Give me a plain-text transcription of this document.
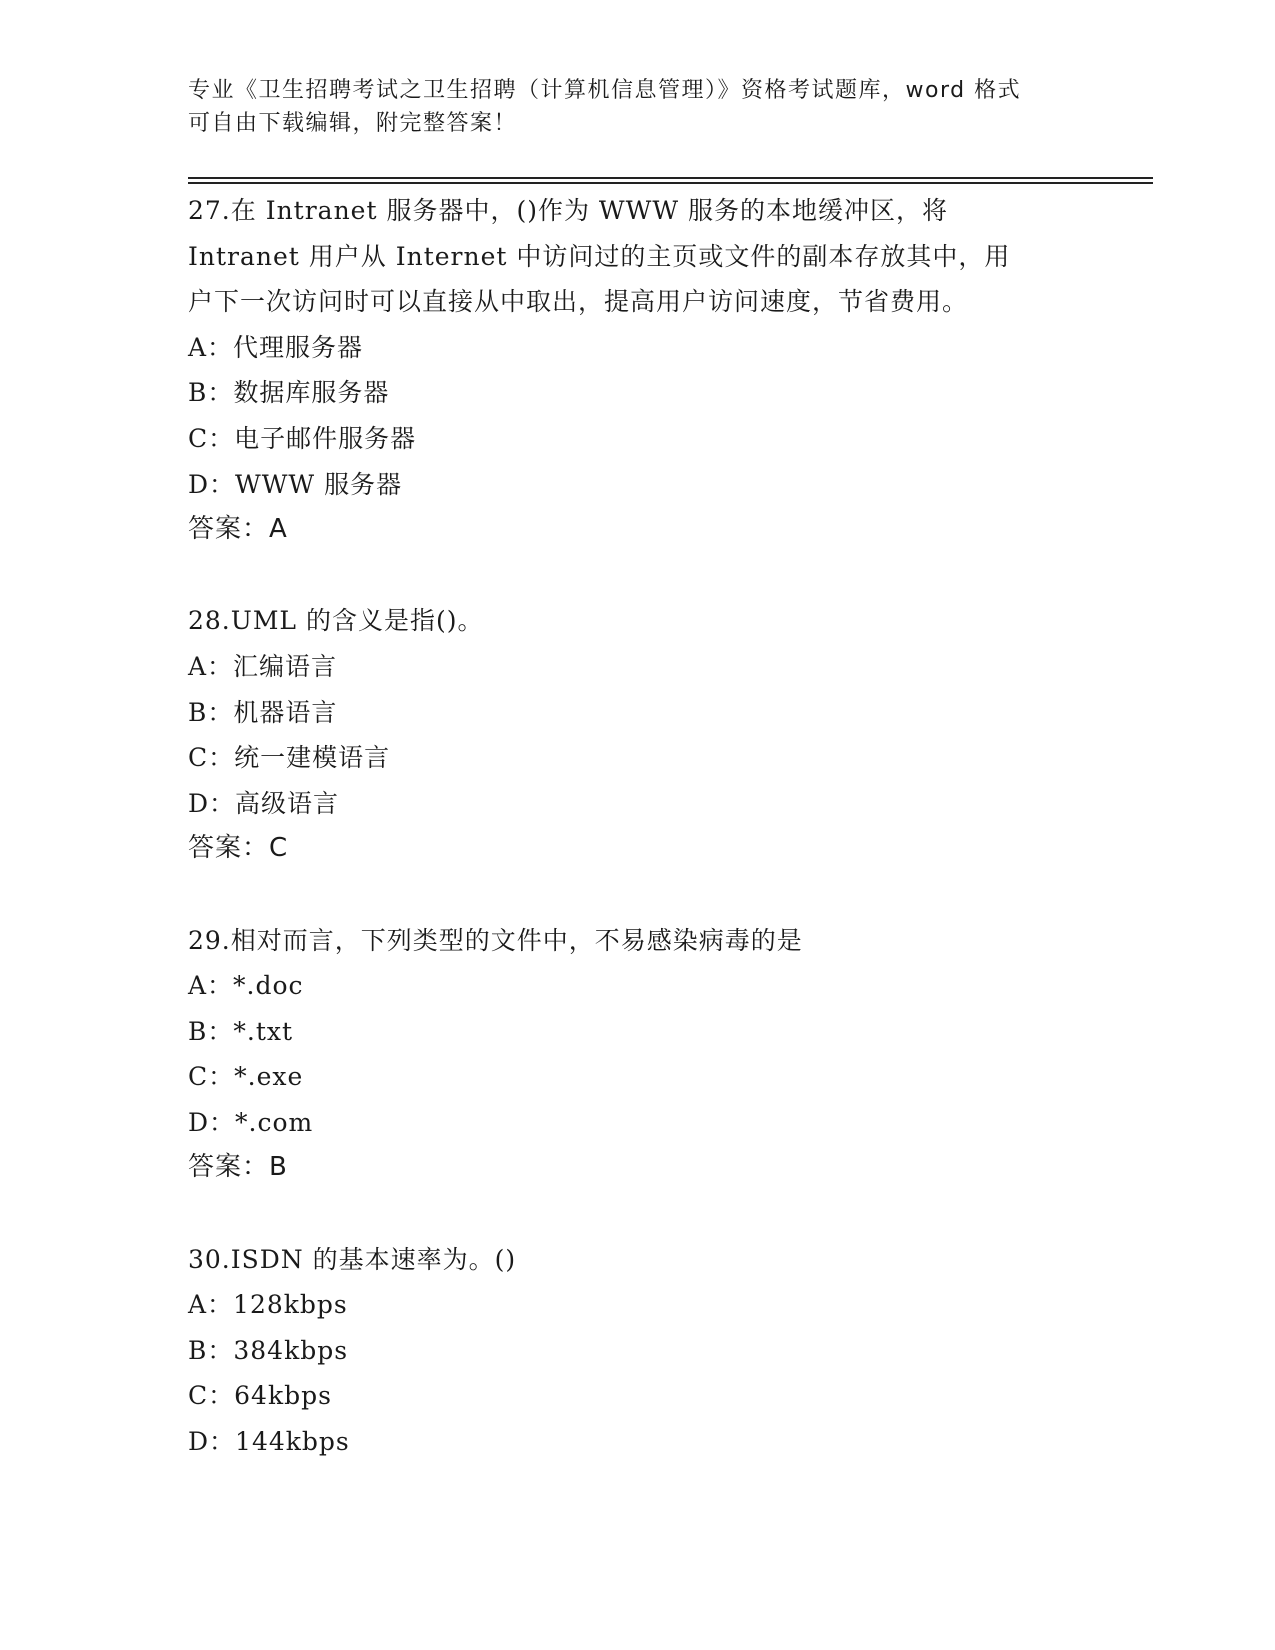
专业《卫生招聘考试之卫生招聘（计算机信息管理）》资格考试题库，word 格式
可自由下载编辑，附完整答案！
27.在 Intranet 服务器中，()作为 WWW 服务的本地缓冲区，将
Intranet 用户从 Internet 中访问过的主页或文件的副本存放其中，用
户下一次访问时可以直接从中取出，提高用户访问速度，节省费用。
A：代理服务器
B：数据库服务器
C：电子邮件服务器
D：WWW 服务器
答案：A
28.UML 的含义是指()。
A：汇编语言
B：机器语言
C：统一建模语言
D：高级语言
答案：C
29.相对而言，下列类型的文件中，不易感染病毒的是
A：*.doc
B：*.txt
C：*.exe
D：*.com
答案：B
30.ISDN 的基本速率为。()
A：128kbps
B：384kbps
C：64kbps
D：144kbps
